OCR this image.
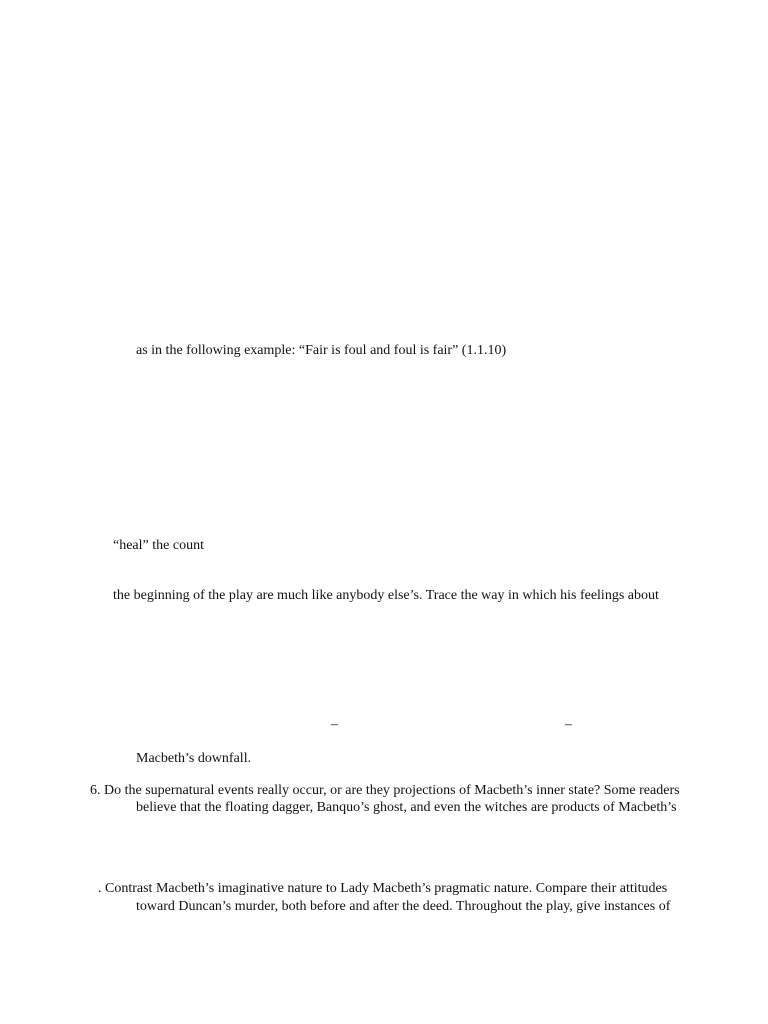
as in the following example: “Fair is foul and foul is fair” (1.1.10)
“heal” the count
the beginning of the play are much like anybody else’s. Trace the way in which his feelings about
–	–
Macbeth’s downfall.
6. Do the supernatural events really occur, or are they projections of Macbeth’s inner state? Some readers
believe that the floating dagger, Banquo’s ghost, and even the witches are products of Macbeth’s
. Contrast Macbeth’s imaginative nature to Lady Macbeth’s pragmatic nature. Compare their attitudes
toward Duncan’s murder, both before and after the deed. Throughout the play, give instances of
